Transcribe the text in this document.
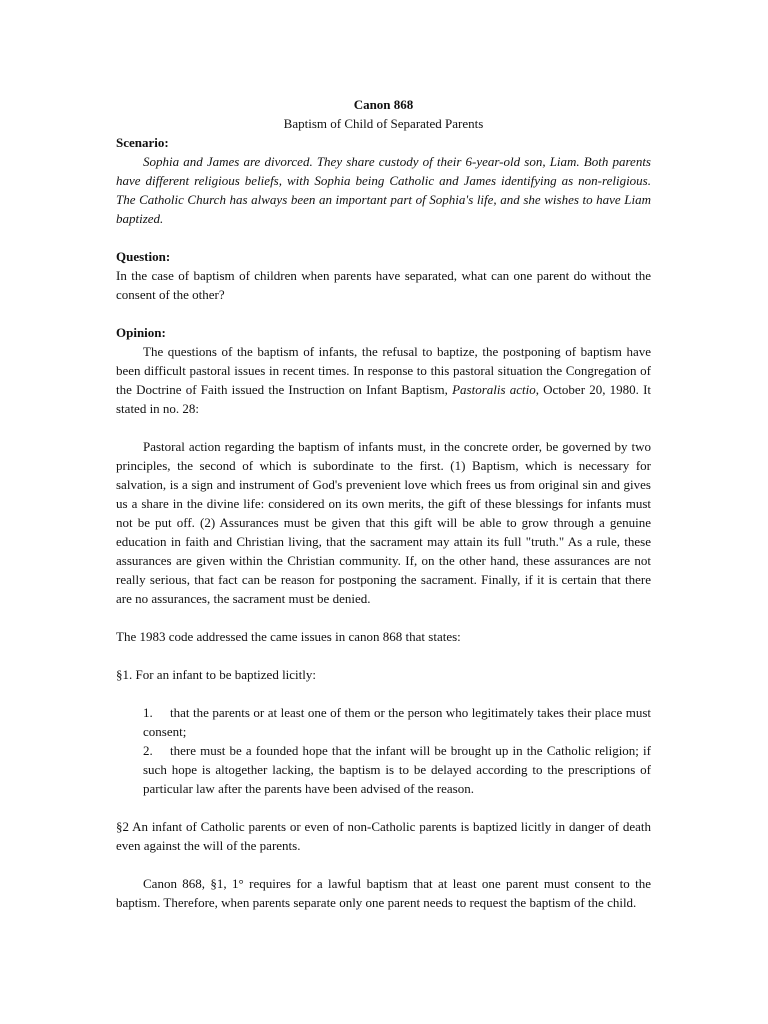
Canon 868

Baptism of Child of Separated Parents

Scenario:

Sophia and James are divorced. They share custody of their 6-year-old son, Liam. Both parents have different religious beliefs, with Sophia being Catholic and James identifying as non-religious. The Catholic Church has always been an important part of Sophia's life, and she wishes to have Liam baptized.

Question:

In the case of baptism of children when parents have separated, what can one parent do without the consent of the other?

Opinion:

The questions of the baptism of infants, the refusal to baptize, the postponing of baptism have been difficult pastoral issues in recent times. In response to this pastoral situation the Congregation of the Doctrine of Faith issued the Instruction on Infant Baptism, Pastoralis actio, October 20, 1980. It stated in no. 28:

Pastoral action regarding the baptism of infants must, in the concrete order, be governed by two principles, the second of which is subordinate to the first. (1) Baptism, which is necessary for salvation, is a sign and instrument of God's prevenient love which frees us from original sin and gives us a share in the divine life: considered on its own merits, the gift of these blessings for infants must not be put off. (2) Assurances must be given that this gift will be able to grow through a genuine education in faith and Christian living, that the sacrament may attain its full "truth." As a rule, these assurances are given within the Christian community. If, on the other hand, these assurances are not really serious, that fact can be reason for postponing the sacrament. Finally, if it is certain that there are no assurances, the sacrament must be denied.

The 1983 code addressed the came issues in canon 868 that states:

§1. For an infant to be baptized licitly:

1. that the parents or at least one of them or the person who legitimately takes their place must consent;

2. there must be a founded hope that the infant will be brought up in the Catholic religion; if such hope is altogether lacking, the baptism is to be delayed according to the prescriptions of particular law after the parents have been advised of the reason.

§2 An infant of Catholic parents or even of non-Catholic parents is baptized licitly in danger of death even against the will of the parents.

Canon 868, §1, 1° requires for a lawful baptism that at least one parent must consent to the baptism. Therefore, when parents separate only one parent needs to request the baptism of the child.
